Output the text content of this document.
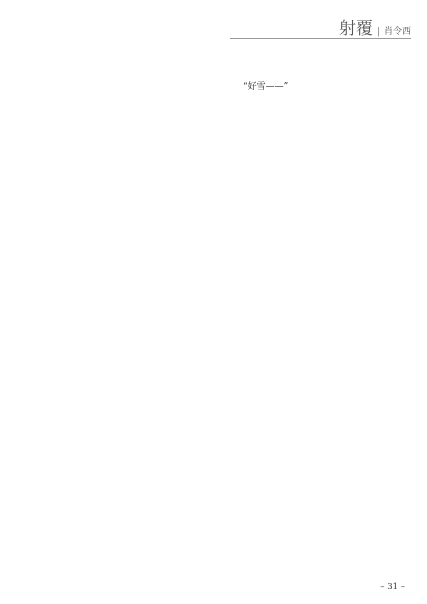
射覆 | 肖令西

“好雪——”

– 31 –
